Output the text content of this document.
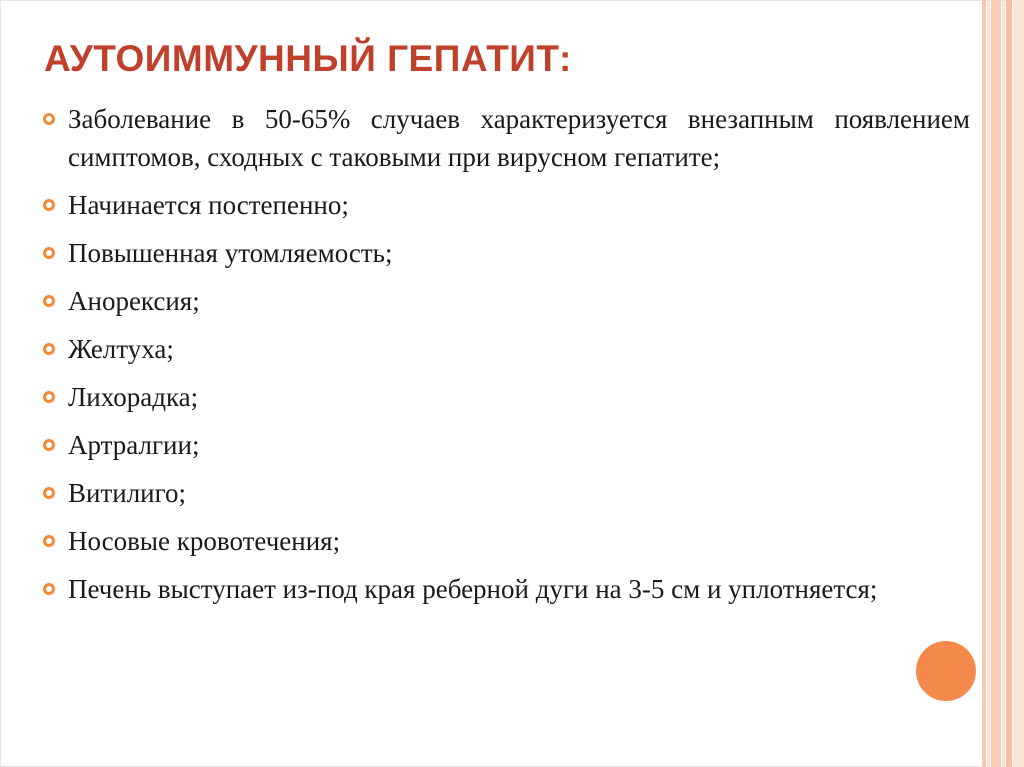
АУТОИММУННЫЙ ГЕПАТИТ:
Заболевание в 50-65% случаев характеризуется внезапным появлением симптомов, сходных с таковыми при вирусном гепатите;
Начинается постепенно;
Повышенная утомляемость;
Анорексия;
Желтуха;
Лихорадка;
Артралгии;
Витилиго;
Носовые кровотечения;
Печень выступает из-под края реберной дуги на 3-5 см и уплотняется;
